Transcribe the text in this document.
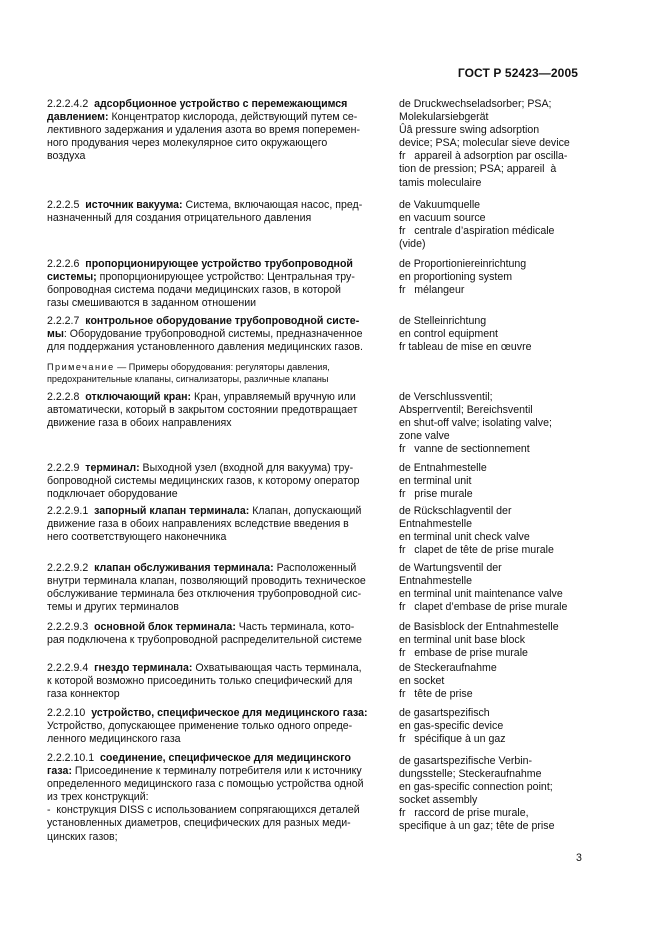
ГОСТ Р 52423—2005
2.2.2.4.2 адсорбционное устройство с перемежающимся
давлением: Концентратор кислорода, действующий путем се-
лективного задержания и удаления азота во время поперемен-
ного продувания через молекулярное сито окружающего
воздуха
de Druckwechseladsorber; PSA;
Molekularsiebgerät
Ûâ pressure swing adsorption
device; PSA; molecular sieve device
fr   appareil à adsorption par oscilla-
tion de pression; PSA; appareil  à
tamis moleculaire
2.2.2.5 источник вакуума: Система, включающая насос, пред-
назначенный для создания отрицательного давления
de Vakuumquelle
en vacuum source
fr   centrale d’aspiration médicale
(vide)
2.2.2.6 пропорционирующее устройство трубопроводной
системы; пропорционирующее устройство: Центральная тру-
бопроводная система подачи медицинских газов, в которой
газы смешиваются в заданном отношении
de Proportioniereinrichtung
en proportioning system
fr   mélangeur
2.2.2.7 контрольное оборудование трубопроводной систе-
мы: Оборудование трубопроводной системы, предназначенное
для поддержания установленного давления медицинских газов.
de Stelleinrichtung
en control equipment
fr tableau de mise en œuvre
Примечание — Примеры оборудования: регуляторы давления,
предохранительные клапаны, сигнализаторы, различные клапаны
2.2.2.8 отключающий кран: Кран, управляемый вручную или
автоматически, который в закрытом состоянии предотвращает
движение газа в обоих направлениях
de Verschlussventil;
Absperrventil; Bereichsventil
en shut-off valve; isolating valve;
zone valve
fr   vanne de sectionnement
2.2.2.9 терминал: Выходной узел (входной для вакуума) тру-
бопроводной системы медицинских газов, к которому оператор
подключает оборудование
de Entnahmestelle
en terminal unit
fr   prise murale
2.2.2.9.1 запорный клапан терминала: Клапан, допускающий
движение газа в обоих направлениях вследствие введения в
него соответствующего наконечника
de Rückschlagventil der
Entnahmestelle
en terminal unit check valve
fr   clapet de tête de prise murale
2.2.2.9.2 клапан обслуживания терминала: Расположенный
внутри терминала клапан, позволяющий проводить техническое
обслуживание терминала без отключения трубопроводной сис-
темы и других терминалов
de Wartungsventil der
Entnahmestelle
en terminal unit maintenance valve
fr   clapet d’embase de prise murale
2.2.2.9.3 основной блок терминала: Часть терминала, кото-
рая подключена к трубопроводной распределительной системе
de Basisblock der Entnahmestelle
en terminal unit base block
fr   embase de prise murale
2.2.2.9.4 гнездо терминала: Охватывающая часть терминала,
к которой возможно присоединить только специфический для
газа коннектор
de Steckeraufnahme
en socket
fr   tête de prise
2.2.2.10 устройство, специфическое для медицинского газа:
Устройство, допускающее применение только одного опреде-
ленного медицинского газа
de gasartspezifisch
en gas-specific device
fr   spécifique à un gaz
2.2.2.10.1 соединение, специфическое для медицинского
газа: Присоединение к терминалу потребителя или к источнику
определенного медицинского газа с помощью устройства одной
из трех конструкций:
-  конструкция DISS с использованием сопрягающихся деталей
установленных диаметров, специфических для разных меди-
цинских газов;
de gasartspezifische Verbin-
dungsstelle; Steckeraufnahme
en gas-specific connection point;
socket assembly
fr   raccord de prise murale,
specifique à un gaz; tête de prise
3
